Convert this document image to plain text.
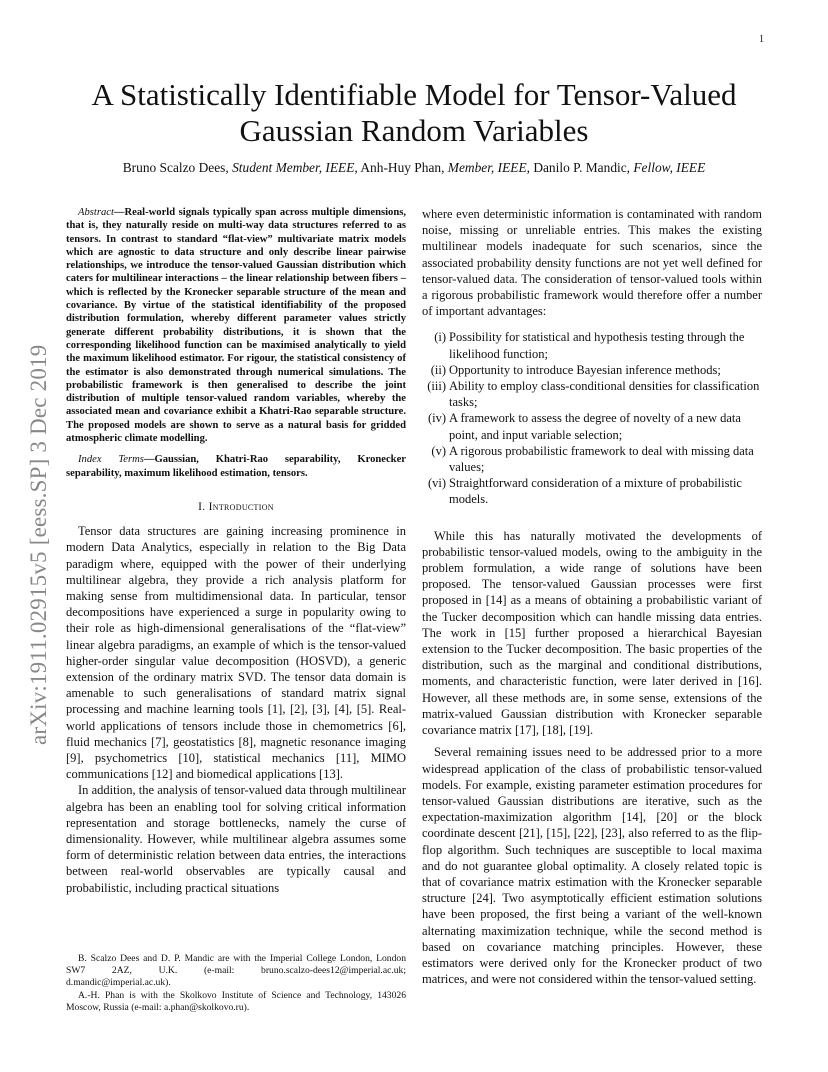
1
arXiv:1911.02915v5 [eess.SP] 3 Dec 2019
A Statistically Identifiable Model for Tensor-Valued Gaussian Random Variables
Bruno Scalzo Dees, Student Member, IEEE, Anh-Huy Phan, Member, IEEE, Danilo P. Mandic, Fellow, IEEE

Abstract—Real-world signals typically span across multiple dimensions, that is, they naturally reside on multi-way data structures referred to as tensors. In contrast to standard “flat-view” multivariate matrix models which are agnostic to data structure and only describe linear pairwise relationships, we introduce the tensor-valued Gaussian distribution which caters for multilinear interactions – the linear relationship between fibers – which is reflected by the Kronecker separable structure of the mean and covariance. By virtue of the statistical identifiability of the proposed distribution formulation, whereby different parameter values strictly generate different probability distributions, it is shown that the corresponding likelihood function can be maximised analytically to yield the maximum likelihood estimator. For rigour, the statistical consistency of the estimator is also demonstrated through numerical simulations. The probabilistic framework is then generalised to describe the joint distribution of multiple tensor-valued random variables, whereby the associated mean and covariance exhibit a Khatri-Rao separable structure. The proposed models are shown to serve as a natural basis for gridded atmospheric climate modelling.

Index Terms—Gaussian, Khatri-Rao separability, Kronecker separability, maximum likelihood estimation, tensors.

I. Introduction

Tensor data structures are gaining increasing prominence in modern Data Analytics, especially in relation to the Big Data paradigm where, equipped with the power of their underlying multilinear algebra, they provide a rich analysis platform for making sense from multidimensional data. In particular, tensor decompositions have experienced a surge in popularity owing to their role as high-dimensional generalisations of the “flat-view” linear algebra paradigms, an example of which is the tensor-valued higher-order singular value decomposition (HOSVD), a generic extension of the ordinary matrix SVD. The tensor data domain is amenable to such generalisations of standard matrix signal processing and machine learning tools [1], [2], [3], [4], [5]. Real-world applications of tensors include those in chemometrics [6], fluid mechanics [7], geostatistics [8], magnetic resonance imaging [9], psychometrics [10], statistical mechanics [11], MIMO communications [12] and biomedical applications [13].

In addition, the analysis of tensor-valued data through multilinear algebra has been an enabling tool for solving critical information representation and storage bottlenecks, namely the curse of dimensionality. However, while multilinear algebra assumes some form of deterministic relation between data entries, the interactions between real-world observables are typically causal and probabilistic, including practical situations

B. Scalzo Dees and D. P. Mandic are with the Imperial College London, London SW7 2AZ, U.K. (e-mail: bruno.scalzo-dees12@imperial.ac.uk; d.mandic@imperial.ac.uk).

A.-H. Phan is with the Skolkovo Institute of Science and Technology, 143026 Moscow, Russia (e-mail: a.phan@skolkovo.ru).

where even deterministic information is contaminated with random noise, missing or unreliable entries. This makes the existing multilinear models inadequate for such scenarios, since the associated probability density functions are not yet well defined for tensor-valued data. The consideration of tensor-valued tools within a rigorous probabilistic framework would therefore offer a number of important advantages:

(i) Possibility for statistical and hypothesis testing through the likelihood function;
(ii) Opportunity to introduce Bayesian inference methods;
(iii) Ability to employ class-conditional densities for classification tasks;
(iv) A framework to assess the degree of novelty of a new data point, and input variable selection;
(v) A rigorous probabilistic framework to deal with missing data values;
(vi) Straightforward consideration of a mixture of probabilistic models.

While this has naturally motivated the developments of probabilistic tensor-valued models, owing to the ambiguity in the problem formulation, a wide range of solutions have been proposed. The tensor-valued Gaussian processes were first proposed in [14] as a means of obtaining a probabilistic variant of the Tucker decomposition which can handle missing data entries. The work in [15] further proposed a hierarchical Bayesian extension to the Tucker decomposition. The basic properties of the distribution, such as the marginal and conditional distributions, moments, and characteristic function, were later derived in [16]. However, all these methods are, in some sense, extensions of the matrix-valued Gaussian distribution with Kronecker separable covariance matrix [17], [18], [19].

Several remaining issues need to be addressed prior to a more widespread application of the class of probabilistic tensor-valued models. For example, existing parameter estimation procedures for tensor-valued Gaussian distributions are iterative, such as the expectation-maximization algorithm [14], [20] or the block coordinate descent [21], [15], [22], [23], also referred to as the flip-flop algorithm. Such techniques are susceptible to local maxima and do not guarantee global optimality. A closely related topic is that of covariance matrix estimation with the Kronecker separable structure [24]. Two asymptotically efficient estimation solutions have been proposed, the first being a variant of the well-known alternating maximization technique, while the second method is based on covariance matching principles. However, these estimators were derived only for the Kronecker product of two matrices, and were not considered within the tensor-valued setting.
